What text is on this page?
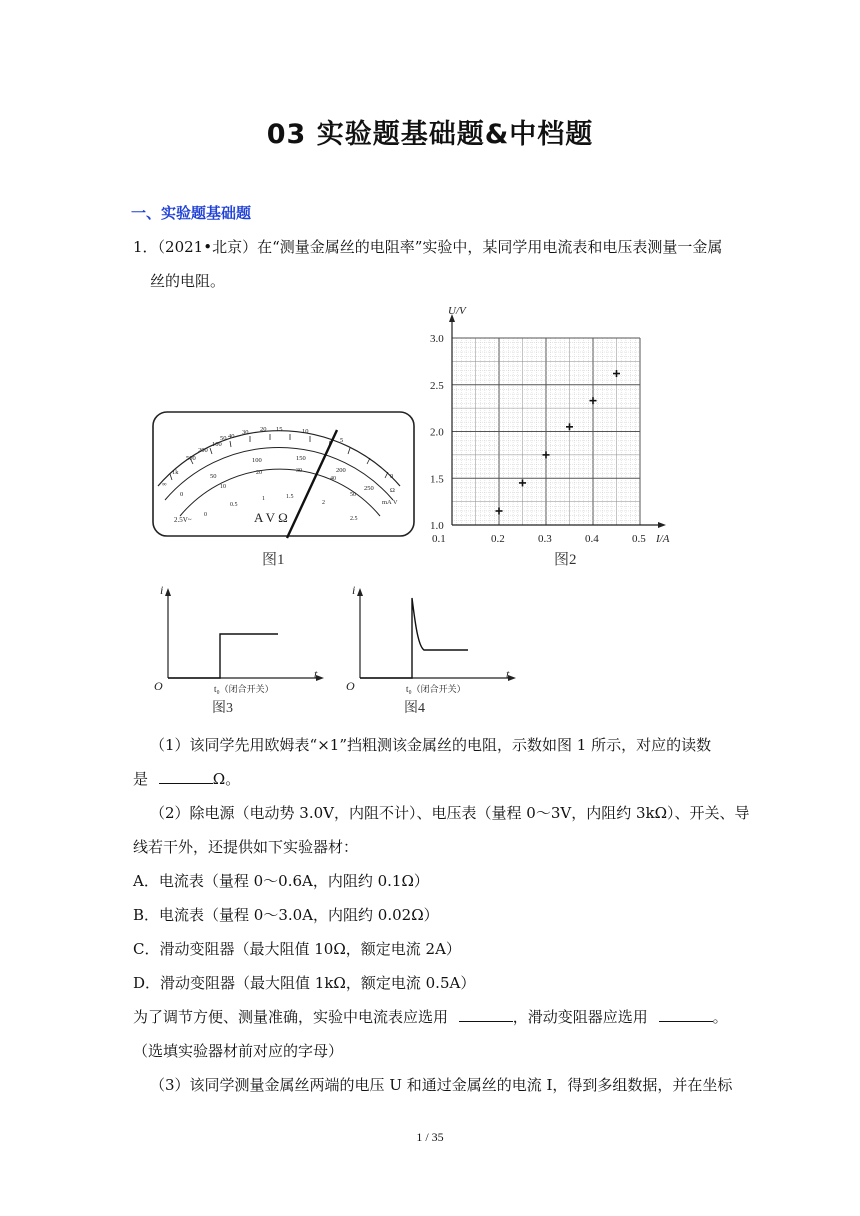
03 实验题基础题&中档题
一、实验题基础题
1．（2021•北京）在“测量金属丝的电阻率”实验中，某同学用电流表和电压表测量一金属
丝的电阻。
∞
1k
500
200
100
50 40
30 20 15	10
5
0
Ω
0
50
100	150
200
250
mA V
10
20	30
40
50
0
0.5
1	1.5
2
2.5
2.5V~	A V Ω
图1
U/V
I/A
0.1	0.2	0.3	0.4	0.5
1.0
1.5
2.0
2.5
3.0
图2
i
t
O	t₀（闭合开关）
图3
i
t
O	t₀（闭合开关）
图4
（1）该同学先用欧姆表“×1”挡粗测该金属丝的电阻，示数如图 1 所示，对应的读数
是	Ω。
（2）除电源（电动势 3.0V，内阻不计）、电压表（量程 0～3V，内阻约 3kΩ）、开关、导
线若干外，还提供如下实验器材：
A．电流表（量程 0～0.6A，内阻约 0.1Ω）
B．电流表（量程 0～3.0A，内阻约 0.02Ω）
C．滑动变阻器（最大阻值 10Ω，额定电流 2A）
D．滑动变阻器（最大阻值 1kΩ，额定电流 0.5A）
为了调节方便、测量准确，实验中电流表应选用	，滑动变阻器应选用	。
（选填实验器材前对应的字母）
（3）该同学测量金属丝两端的电压 U 和通过金属丝的电流 I，得到多组数据，并在坐标
1 / 35
